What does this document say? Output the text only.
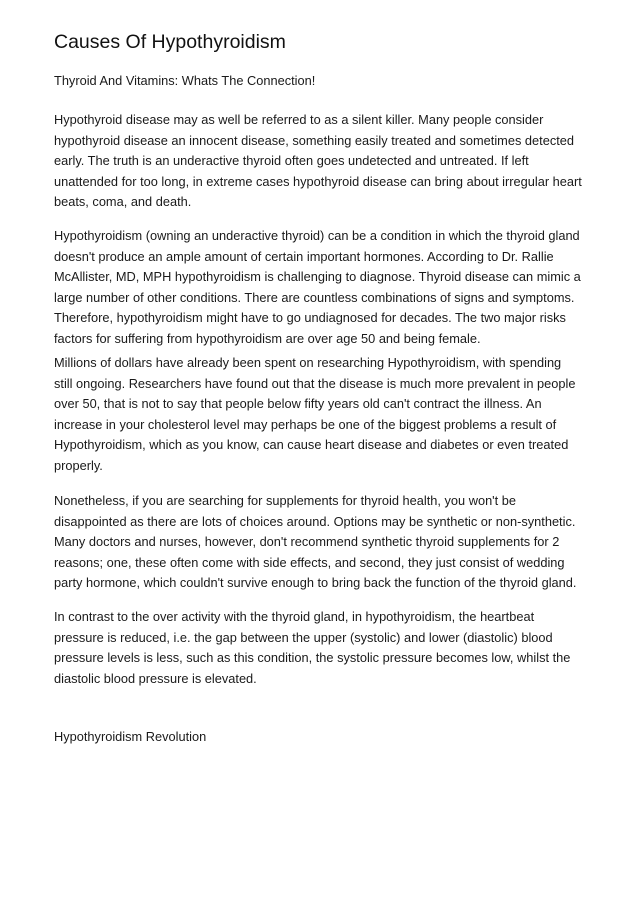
Causes Of Hypothyroidism

Thyroid And Vitamins: Whats The Connection!

Hypothyroid disease may as well be referred to as a silent killer. Many people consider
hypothyroid disease an innocent disease, something easily treated and sometimes detected
early. The truth is an underactive thyroid often goes undetected and untreated. If left
unattended for too long, in extreme cases hypothyroid disease can bring about irregular heart
beats, coma, and death.

Hypothyroidism (owning an underactive thyroid) can be a condition in which the thyroid gland
doesn't produce an ample amount of certain important hormones. According to Dr. Rallie
McAllister, MD, MPH hypothyroidism is challenging to diagnose. Thyroid disease can mimic a
large number of other conditions. There are countless combinations of signs and symptoms.
Therefore, hypothyroidism might have to go undiagnosed for decades. The two major risks
factors for suffering from hypothyroidism are over age 50 and being female.

Millions of dollars have already been spent on researching Hypothyroidism, with spending
still ongoing. Researchers have found out that the disease is much more prevalent in people
over 50, that is not to say that people below fifty years old can't contract the illness. An
increase in your cholesterol level may perhaps be one of the biggest problems a result of
Hypothyroidism, which as you know, can cause heart disease and diabetes or even treated
properly.

Nonetheless, if you are searching for supplements for thyroid health, you won't be
disappointed as there are lots of choices around. Options may be synthetic or non-synthetic.
Many doctors and nurses, however, don't recommend synthetic thyroid supplements for 2
reasons; one, these often come with side effects, and second, they just consist of wedding
party hormone, which couldn't survive enough to bring back the function of the thyroid gland.

In contrast to the over activity with the thyroid gland, in hypothyroidism, the heartbeat
pressure is reduced, i.e. the gap between the upper (systolic) and lower (diastolic) blood
pressure levels is less, such as this condition, the systolic pressure becomes low, whilst the
diastolic blood pressure is elevated.

Hypothyroidism Revolution
